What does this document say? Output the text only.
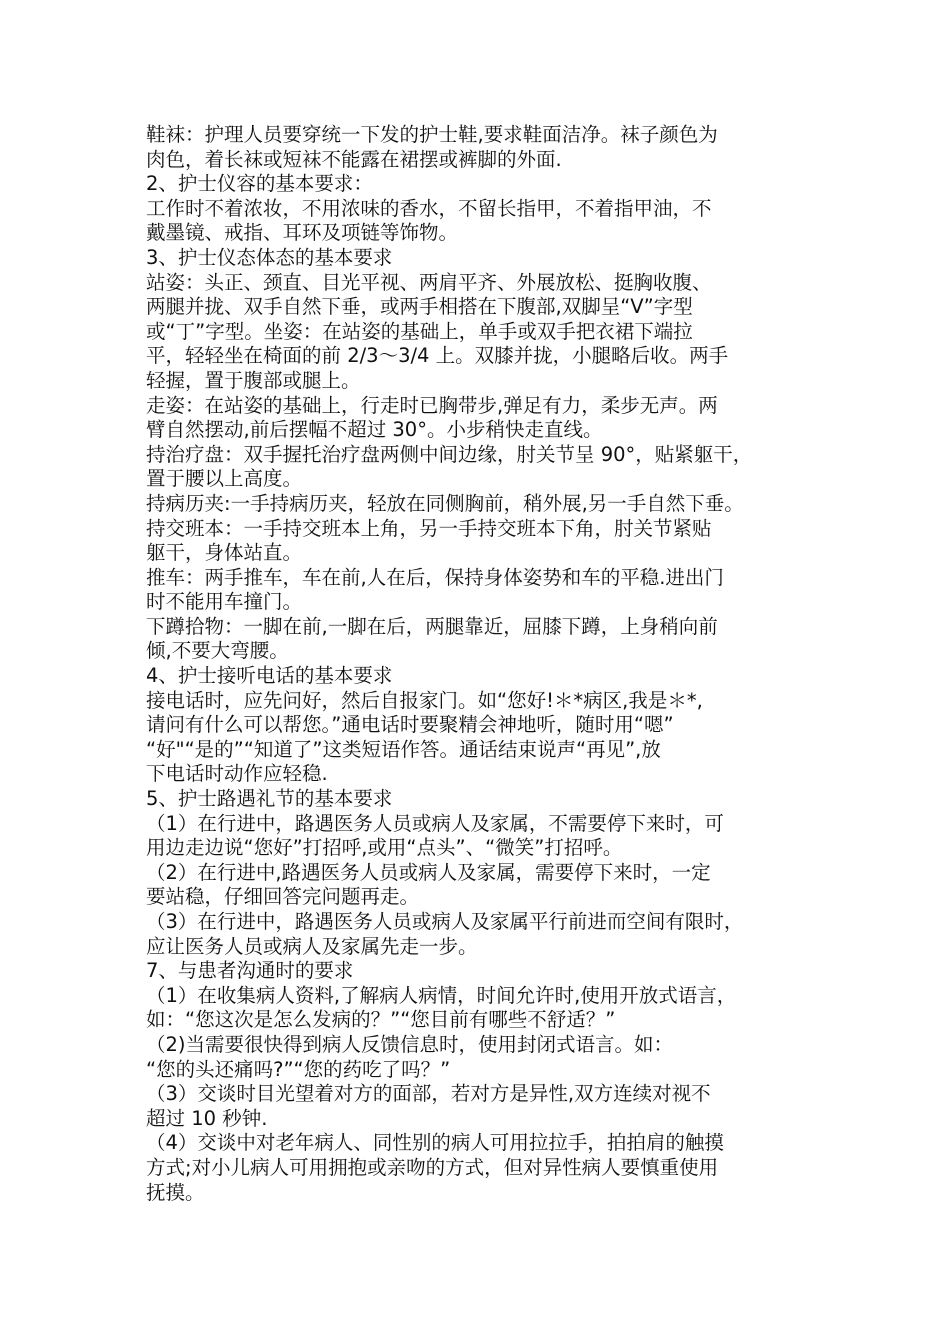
鞋袜：护理人员要穿统一下发的护士鞋,要求鞋面洁净。袜子颜色为
肉色，着长袜或短袜不能露在裙摆或裤脚的外面.

2、护士仪容的基本要求：

工作时不着浓妆，不用浓味的香水，不留长指甲，不着指甲油，不
戴墨镜、戒指、耳环及项链等饰物。

3、护士仪态体态的基本要求

站姿：头正、颈直、目光平视、两肩平齐、外展放松、挺胸收腹、
两腿并拢、双手自然下垂，或两手相搭在下腹部,双脚呈“V”字型
或“丁”字型。坐姿：在站姿的基础上，单手或双手把衣裙下端拉
平，轻轻坐在椅面的前 2/3～3/4 上。双膝并拢，小腿略后收。两手
轻握，置于腹部或腿上。

走姿：在站姿的基础上，行走时已胸带步,弹足有力，柔步无声。两
臂自然摆动,前后摆幅不超过 30°。小步稍快走直线。

持治疗盘：双手握托治疗盘两侧中间边缘，肘关节呈 90°，贴紧躯干，
置于腰以上高度。

持病历夹:一手持病历夹，轻放在同侧胸前，稍外展,另一手自然下垂。

持交班本：一手持交班本上角，另一手持交班本下角，肘关节紧贴
躯干，身体站直。

推车：两手推车，车在前,人在后，保持身体姿势和车的平稳.进出门
时不能用车撞门。

下蹲拾物：一脚在前,一脚在后，两腿靠近，屈膝下蹲，上身稍向前
倾,不要大弯腰。

4、护士接听电话的基本要求

接电话时，应先问好，然后自报家门。如“您好!＊*病区,我是＊*,
请问有什么可以帮您。”通电话时要聚精会神地听，随时用“嗯”
“好"“是的”“知道了”这类短语作答。通话结束说声“再见”,放
下电话时动作应轻稳.

5、护士路遇礼节的基本要求

（1）在行进中，路遇医务人员或病人及家属，不需要停下来时，可
用边走边说“您好”打招呼,或用“点头”、“微笑”打招呼。

（2）在行进中,路遇医务人员或病人及家属，需要停下来时，一定
要站稳，仔细回答完问题再走。

（3）在行进中，路遇医务人员或病人及家属平行前进而空间有限时，
应让医务人员或病人及家属先走一步。

7、与患者沟通时的要求

（1）在收集病人资料,了解病人病情，时间允许时,使用开放式语言，
如：“您这次是怎么发病的？”“您目前有哪些不舒适？”

（2)当需要很快得到病人反馈信息时，使用封闭式语言。如：
“您的头还痛吗?”“您的药吃了吗？”

（3）交谈时目光望着对方的面部，若对方是异性,双方连续对视不
超过 10 秒钟.

（4）交谈中对老年病人、同性别的病人可用拉拉手，拍拍肩的触摸
方式;对小儿病人可用拥抱或亲吻的方式，但对异性病人要慎重使用
抚摸。
